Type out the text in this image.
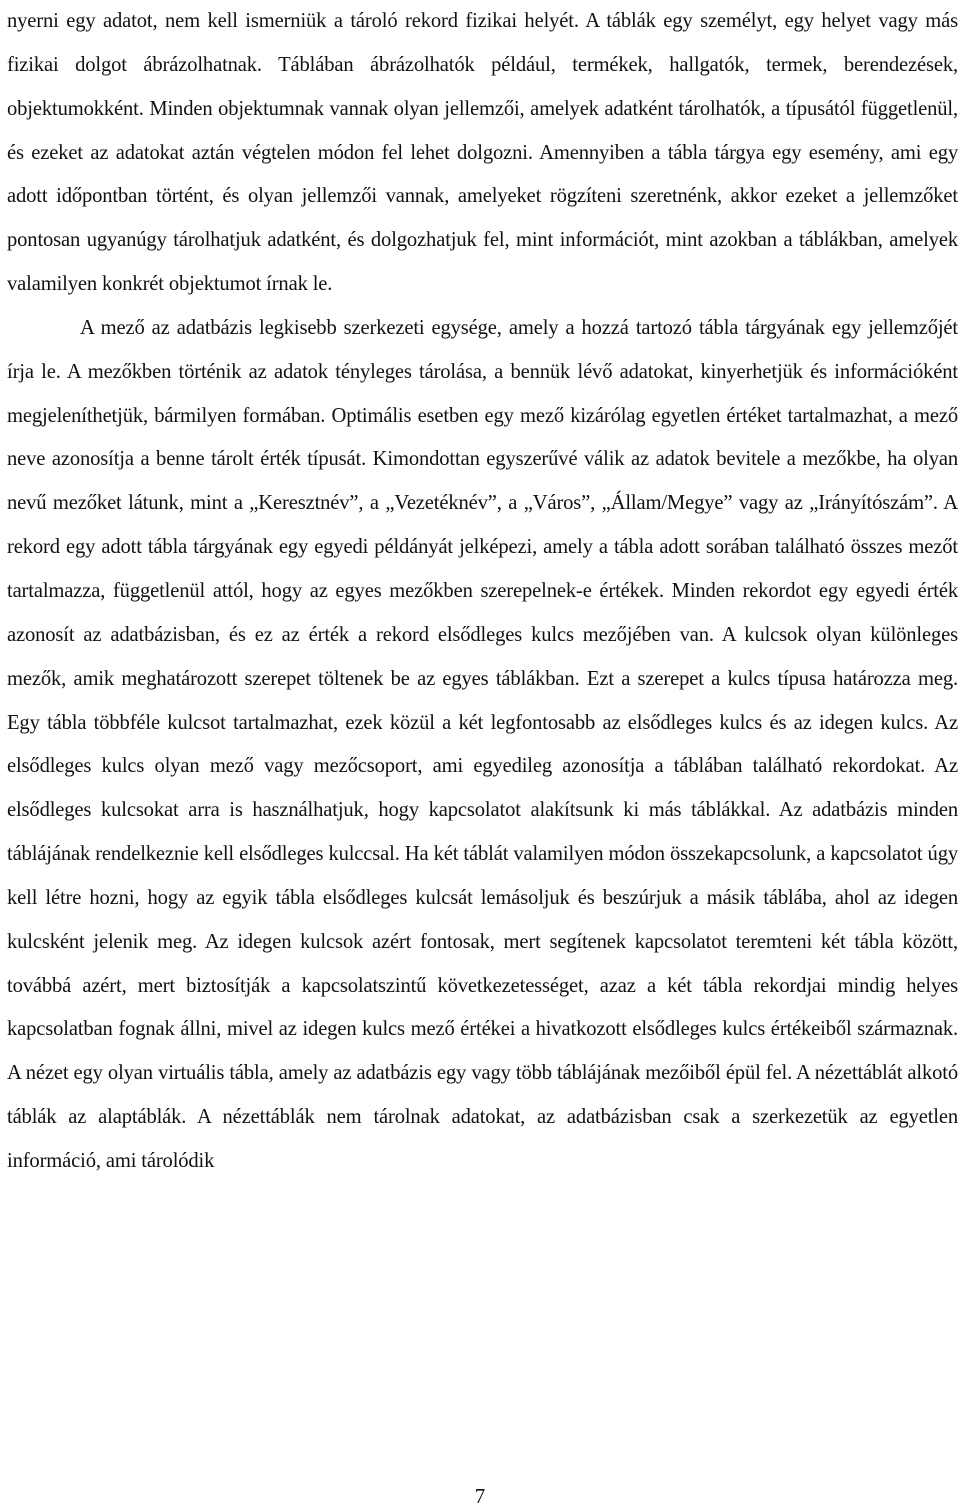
nyerni egy adatot, nem kell ismerniük a tároló rekord fizikai helyét. A táblák egy személyt, egy helyet vagy más fizikai dolgot ábrázolhatnak. Táblában ábrázolhatók például, termékek, hallgatók, termek, berendezések, objektumokként. Minden objektumnak vannak olyan jellemzői, amelyek adatként tárolhatók, a típusától függetlenül, és ezeket az adatokat aztán végtelen módon fel lehet dolgozni. Amennyiben a tábla tárgya egy esemény, ami egy adott időpontban történt, és olyan jellemzői vannak, amelyeket rögzíteni szeretnénk, akkor ezeket a jellemzőket pontosan ugyanúgy tárolhatjuk adatként, és dolgozhatjuk fel, mint információt, mint azokban a táblákban, amelyek valamilyen konkrét objektumot írnak le.

A mező az adatbázis legkisebb szerkezeti egysége, amely a hozzá tartozó tábla tárgyának egy jellemzőjét írja le. A mezőkben történik az adatok tényleges tárolása, a bennük lévő adatokat, kinyerhetjük és információként megjeleníthetjük, bármilyen formában. Optimális esetben egy mező kizárólag egyetlen értéket tartalmazhat, a mező neve azonosítja a benne tárolt érték típusát. Kimondottan egyszerűvé válik az adatok bevitele a mezőkbe, ha olyan nevű mezőket látunk, mint a „Keresztnév”, a „Vezetéknév”, a „Város”, „Állam/Megye” vagy az „Irányítószám”. A rekord egy adott tábla tárgyának egy egyedi példányát jelképezi, amely a tábla adott sorában található összes mezőt tartalmazza, függetlenül attól, hogy az egyes mezőkben szerepelnek-e értékek. Minden rekordot egy egyedi érték azonosít az adatbázisban, és ez az érték a rekord elsődleges kulcs mezőjében van. A kulcsok olyan különleges mezők, amik meghatározott szerepet töltenek be az egyes táblákban. Ezt a szerepet a kulcs típusa határozza meg. Egy tábla többféle kulcsot tartalmazhat, ezek közül a két legfontosabb az elsődleges kulcs és az idegen kulcs. Az elsődleges kulcs olyan mező vagy mezőcsoport, ami egyedileg azonosítja a táblában található rekordokat. Az elsődleges kulcsokat arra is használhatjuk, hogy kapcsolatot alakítsunk ki más táblákkal. Az adatbázis minden táblájának rendelkeznie kell elsődleges kulccsal. Ha két táblát valamilyen módon összekapcsolunk, a kapcsolatot úgy kell létre hozni, hogy az egyik tábla elsődleges kulcsát lemásoljuk és beszúrjuk a másik táblába, ahol az idegen kulcsként jelenik meg. Az idegen kulcsok azért fontosak, mert segítenek kapcsolatot teremteni két tábla között, továbbá azért, mert biztosítják a kapcsolatszintű következetességet, azaz a két tábla rekordjai mindig helyes kapcsolatban fognak állni, mivel az idegen kulcs mező értékei a hivatkozott elsődleges kulcs értékeiből származnak. A nézet egy olyan virtuális tábla, amely az adatbázis egy vagy több táblájának mezőiből épül fel. A nézettáblát alkotó táblák az alaptáblák. A nézettáblák nem tárolnak adatokat, az adatbázisban csak a szerkezetük az egyetlen információ, ami tárolódik

7
